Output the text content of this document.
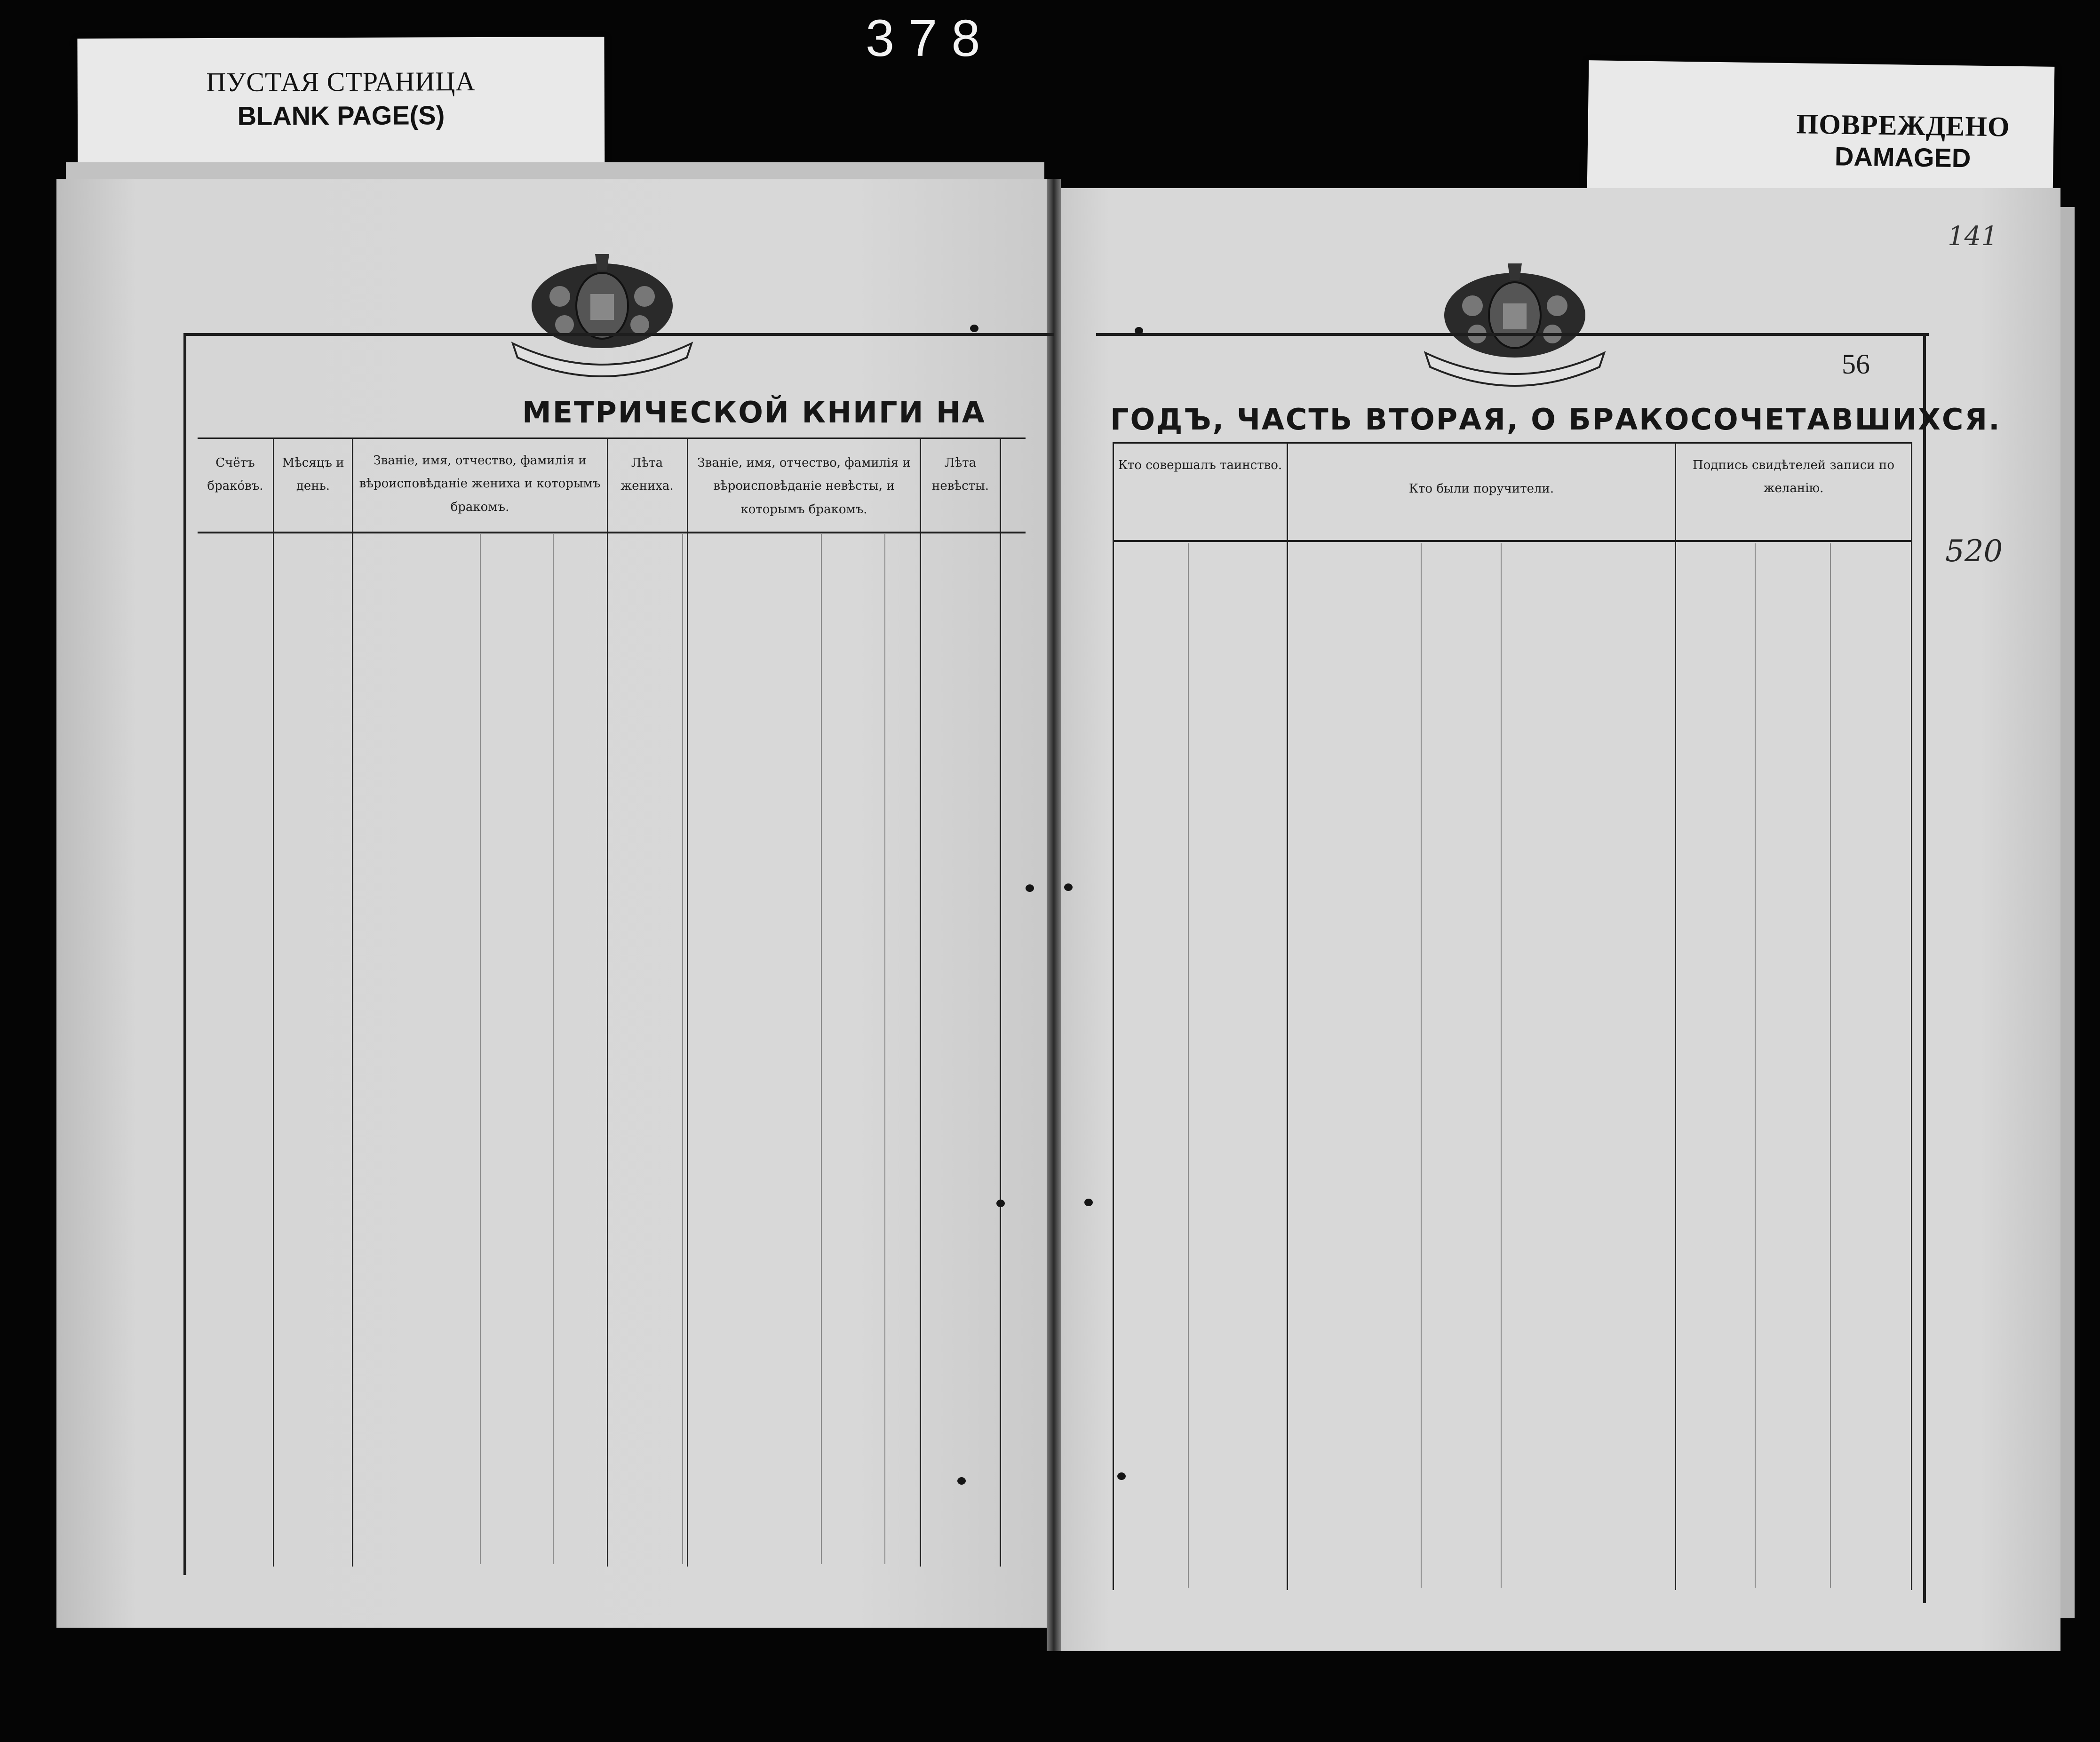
378
ПУСТАЯ СТРАНИЦА
BLANK PAGE(S)	ПОВРЕЖДЕНО
DAMAGED
МЕТРИЧЕСКОЙ КНИГИ НА
Счётъ бракóвъ.
Мѣсяцъ и день.
Званіе, имя, отчество, фамилія и вѣроисповѣданіе жениха и которымъ бракомъ.
Лѣта жениха.
Званіе, имя, отчество, фамилія и вѣроисповѣданіе невѣсты, и которымъ бракомъ.
Лѣта невѣсты.
ГОДЪ, ЧАСТЬ ВТОРАЯ, О БРАКОСОЧЕТАВШИХСЯ.
56
Кто совершалъ таинство.
Кто были поручители.
Подпись свидѣтелей записи по желанію.
141
520
